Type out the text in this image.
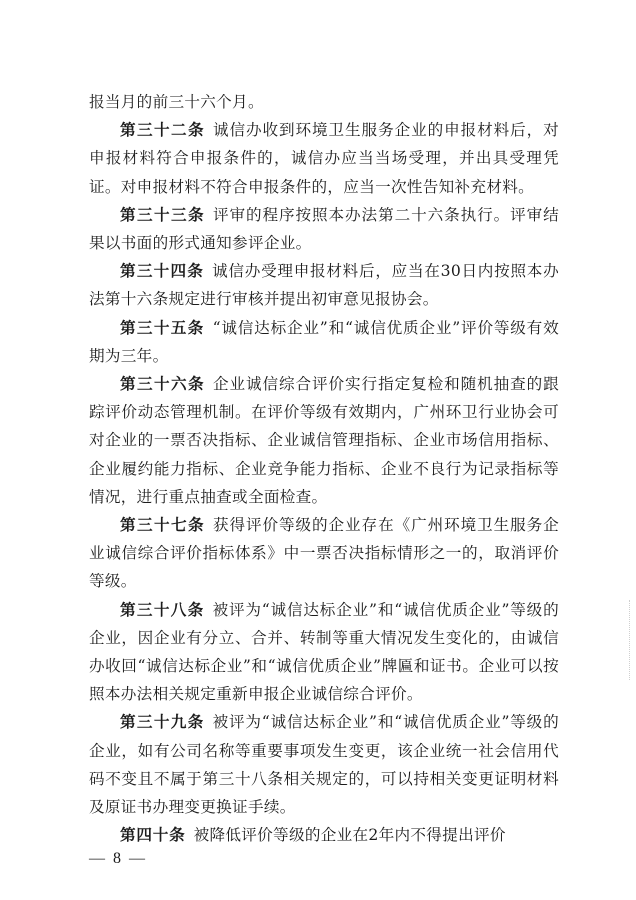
报当月的前三十六个月。

第三十二条 诚信办收到环境卫生服务企业的申报材料后，对申报材料符合申报条件的，诚信办应当当场受理，并出具受理凭证。对申报材料不符合申报条件的，应当一次性告知补充材料。

第三十三条 评审的程序按照本办法第二十六条执行。评审结果以书面的形式通知参评企业。

第三十四条 诚信办受理申报材料后，应当在30日内按照本办法第十六条规定进行审核并提出初审意见报协会。

第三十五条 “诚信达标企业”和“诚信优质企业”评价等级有效期为三年。

第三十六条 企业诚信综合评价实行指定复检和随机抽查的跟踪评价动态管理机制。在评价等级有效期内，广州环卫行业协会可对企业的一票否决指标、企业诚信管理指标、企业市场信用指标、企业履约能力指标、企业竞争能力指标、企业不良行为记录指标等情况，进行重点抽查或全面检查。

第三十七条 获得评价等级的企业存在《广州环境卫生服务企业诚信综合评价指标体系》中一票否决指标情形之一的，取消评价等级。

第三十八条 被评为“诚信达标企业”和“诚信优质企业”等级的企业，因企业有分立、合并、转制等重大情况发生变化的，由诚信办收回“诚信达标企业”和“诚信优质企业”牌匾和证书。企业可以按照本办法相关规定重新申报企业诚信综合评价。

第三十九条 被评为“诚信达标企业”和“诚信优质企业”等级的企业，如有公司名称等重要事项发生变更，该企业统一社会信用代码不变且不属于第三十八条相关规定的，可以持相关变更证明材料及原证书办理变更换证手续。

第四十条 被降低评价等级的企业在2年内不得提出评价

— 8 —
